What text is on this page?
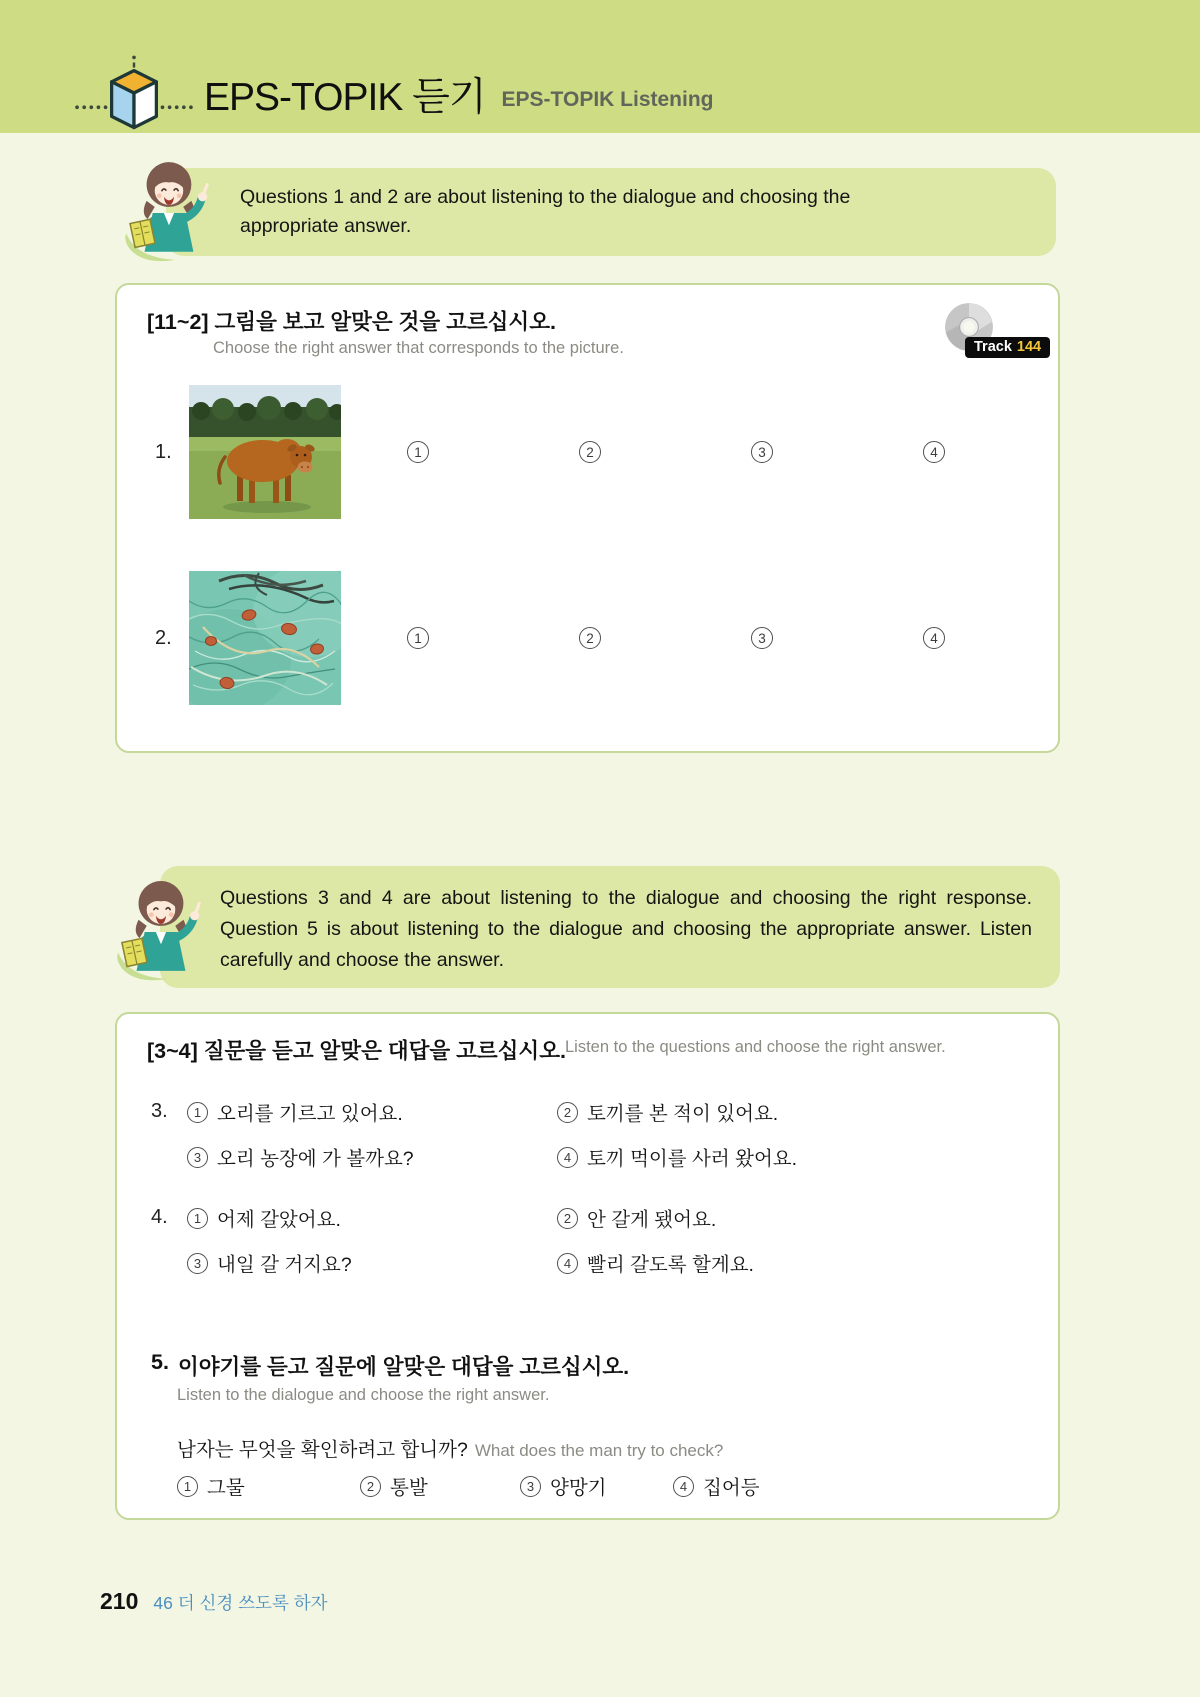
EPS-TOPIK 듣기 EPS-TOPIK Listening

Questions 1 and 2 are about listening to the dialogue and choosing the appropriate answer.

[11~2] 그림을 보고 알맞은 것을 고르십시오.
Choose the right answer that corresponds to the picture.	Track 144
1.	1	2	3	4
2.	1	2	3	4

Questions 3 and 4 are about listening to the dialogue and choosing the right response. Question 5 is about listening to the dialogue and choosing the appropriate answer. Listen carefully and choose the answer.

[3~4] 질문을 듣고 알맞은 대답을 고르십시오. Listen to the questions and choose the right answer.
3.	1 오리를 기르고 있어요.	2 토끼를 본 적이 있어요.
3 오리 농장에 가 볼까요?	4 토끼 먹이를 사러 왔어요.
4.	1 어제 갈았어요.	2 안 갈게 됐어요.
3 내일 갈 거지요?	4 빨리 갈도록 할게요.
5. 이야기를 듣고 질문에 알맞은 대답을 고르십시오.
Listen to the dialogue and choose the right answer.
남자는 무엇을 확인하려고 합니까? What does the man try to check?
1 그물	2 통발	3 양망기	4 집어등
210 46 더 신경 쓰도록 하자
